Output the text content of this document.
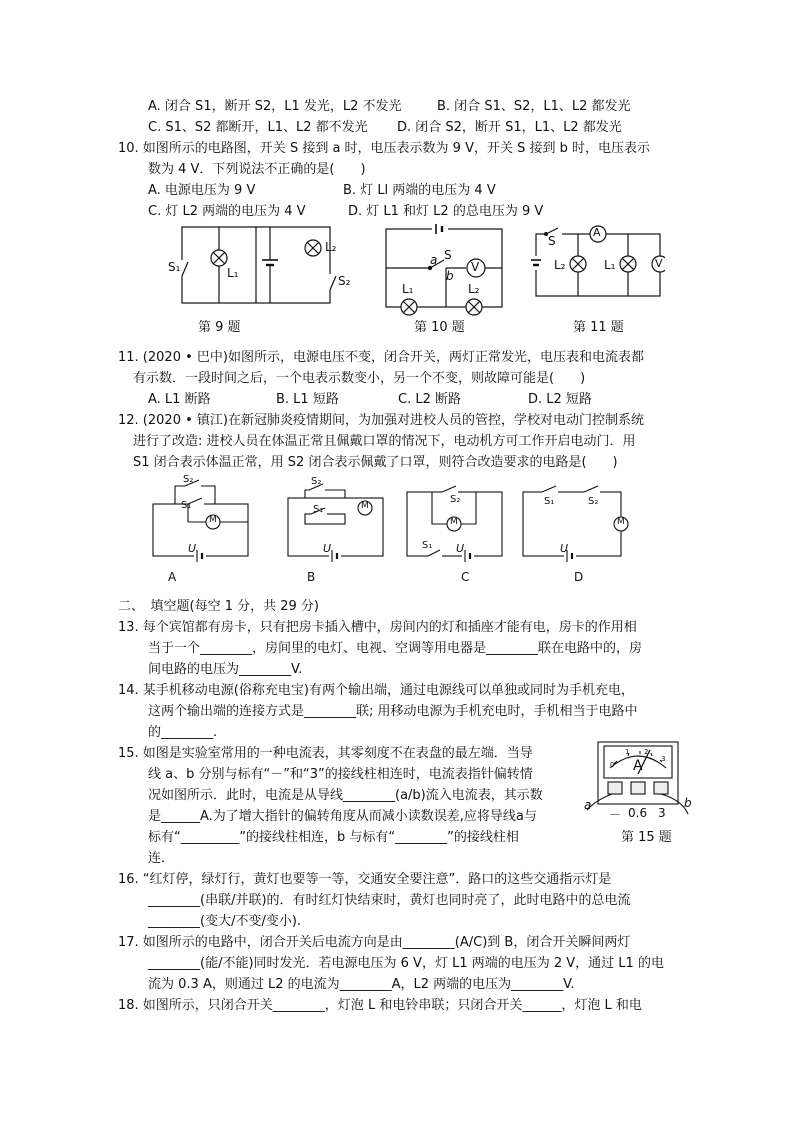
A. 闭合 S1，断开 S2，L1 发光，L2 不发光	B. 闭合 S1、S2，L1、L2 都发光
C. S1、S2 都断开，L1、L2 都不发光 D. 闭合 S2，断开 S1，L1、L2 都发光
10. 如图所示的电路图，开关 S 接到 a 时，电压表示数为 9 V，开关 S 接到 b 时，电压表示
数为 4 V．下列说法不正确的是(　　)
A. 电源电压为 9 V	B. 灯 Ll 两端的电压为 4 V
C. 灯 L2 两端的电压为 4 V	D. 灯 L1 和灯 L2 的总电压为 9 V
S₁	L₁
L₂
S₂
第 9 题
a S
b
V
L₁	L₂
第 10 题
S
A
L₂	L₁	V
第 11 题
11. (2020 • 巴中)如图所示，电源电压不变，闭合开关，两灯正常发光，电压表和电流表都
有示数．一段时间之后，一个电表示数变小，另一个不变，则故障可能是(　　)
A. L1 断路	B. L1 短路	C. L2 断路	D. L2 短路
12. (2020 • 镇江)在新冠肺炎疫情期间，为加强对进校人员的管控，学校对电动门控制系统
进行了改造: 进校人员在体温正常且佩戴口罩的情况下，电动机方可工作开启电动门．用
S1 闭合表示体温正常，用 S2 闭合表示佩戴了口罩，则符合改造要求的电路是(　　)
S₂
S₁
M
U
S₂
S₁	M
U
S₂
S₁
M
U
S₁	S₂
M
U
A	B	C	D
二、　填空题(每空 1 分，共 29 分)
13. 每个宾馆都有房卡，只有把房卡插入槽中，房间内的灯和插座才能有电，房卡的作用相
当于一个________，房间里的电灯、电视、空调等用电器是________联在电路中的，房
间电路的电压为________V.
14. 某手机移动电源(俗称充电宝)有两个输出端，通过电源线可以单独或同时为手机充电，
这两个输出端的连接方式是________联; 用移动电源为手机充电时，手机相当于电路中
的________.
15. 如图是实验室常用的一种电流表，其零刻度不在表盘的最左端．当导
线 a、b 分别与标有“－”和“3”的接线柱相连时，电流表指针偏转情
况如图所示．此时，电流是从导线________(a/b)流入电流表，其示数
是______A.为了增大指针的偏转角度从而减小读数误差,应将导线a与
标有“_________”的接线柱相连，b 与标有“________”的接线柱相
连．
A
0
1 2
3
－ 0.6 3
a	b
第 15 题
16. “红灯停，绿灯行，黄灯也要等一等，交通安全要注意”．路口的这些交通指示灯是
________(串联/并联)的．有时红灯快结束时，黄灯也同时亮了，此时电路中的总电流
________(变大/不变/变小).
17. 如图所示的电路中，闭合开关后电流方向是由________(A/C)到 B，闭合开关瞬间两灯
________(能/不能)同时发光．若电源电压为 6 V，灯 L1 两端的电压为 2 V，通过 L1 的电
流为 0.3 A，则通过 L2 的电流为________A，L2 两端的电压为________V.
18. 如图所示，只闭合开关________，灯泡 L 和电铃串联；只闭合开关______，灯泡 L 和电
